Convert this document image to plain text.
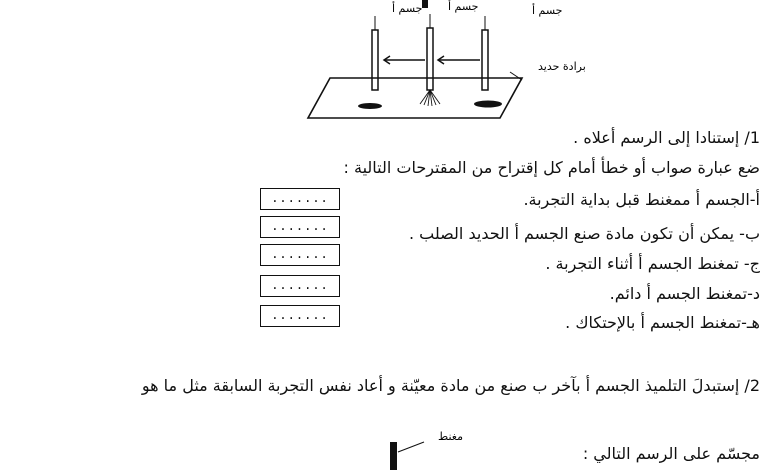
جسم أ جسم أ	جسم أ
برادة حديد
1/ إستنادا إلى الرسم أعلاه .
ضع عبارة صواب أو خطأ أمام كل إقتراح من المقترحات التالية :
أ-الجسم أ ممغنط قبل بداية التجربة.
ب- يمكن أن تكون مادة صنع الجسم أ الحديد الصلب .
ج- تمغنط الجسم أ أثناء التجربة .
د-تمغنط الجسم أ دائم.
هـ-تمغنط الجسم أ بالإحتكاك .
.......
.......
.......
.......
.......
2/ إستبدلَ التلميذ الجسم أ بآخر ب صنع من مادة معيّنة و أعاد نفس التجربة السابقة مثل ما هو
مجسّم على الرسم التالي :
مغنط
